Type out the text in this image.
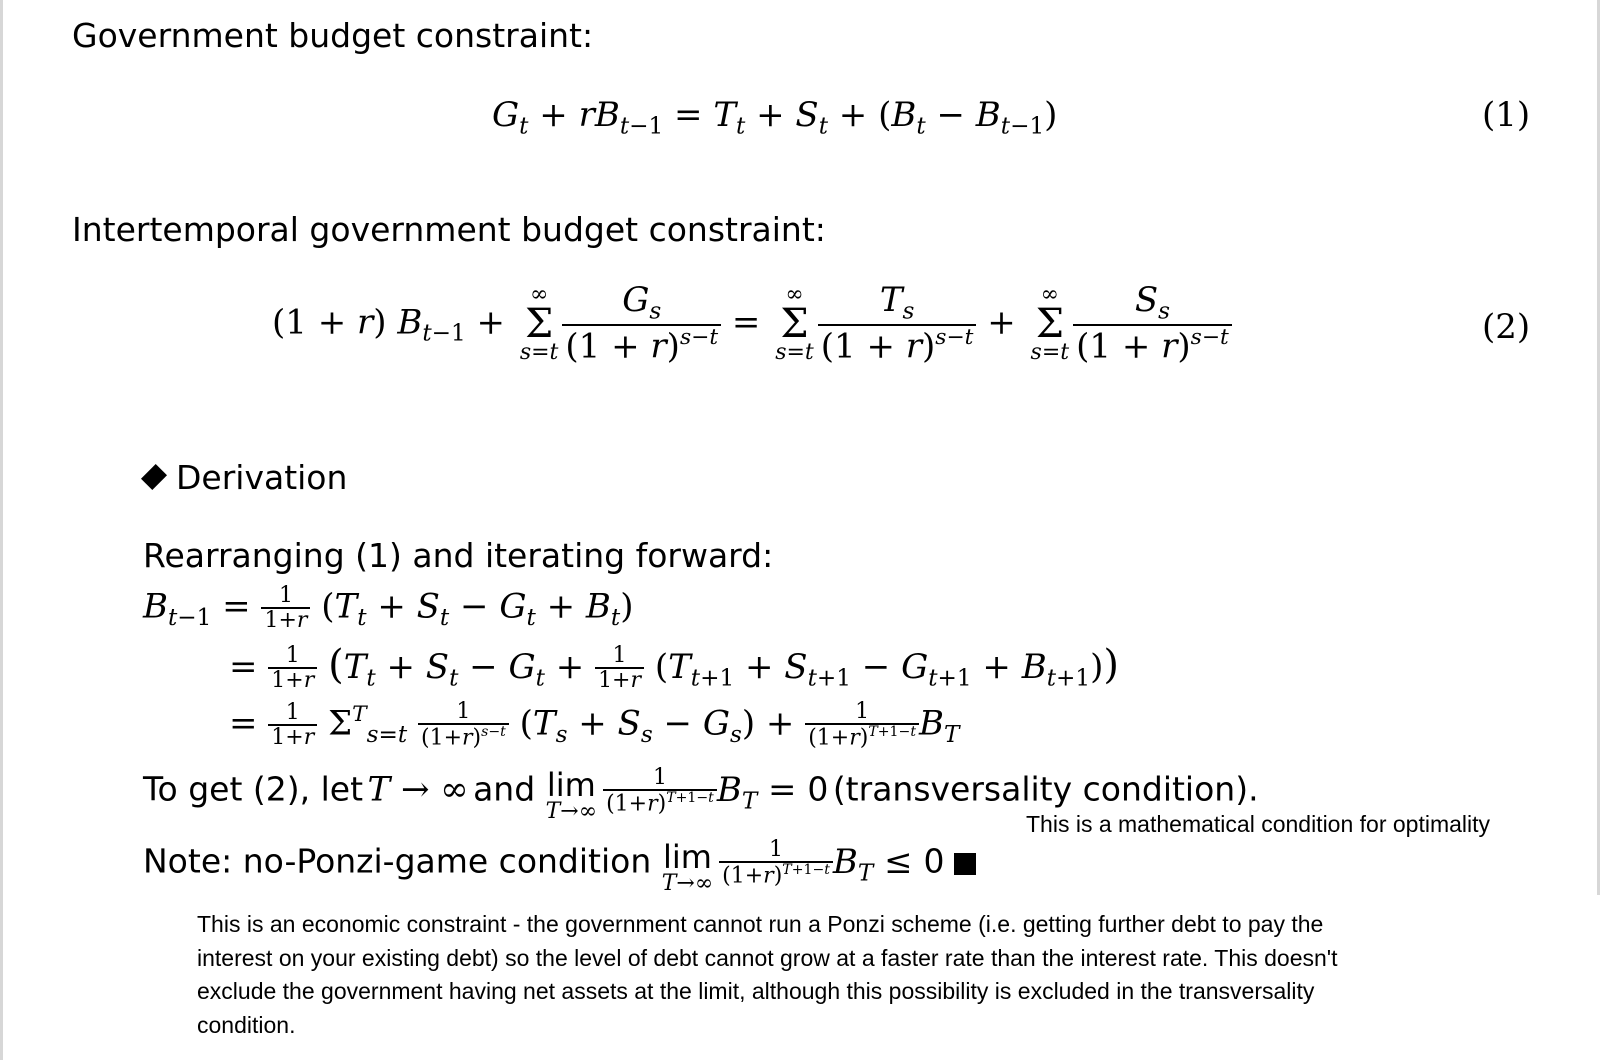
Government budget constraint:
$G_t + rB_{t-1} = T_t + S_t + (B_t - B_{t-1})$	(1)
Intertemporal government budget constraint:
(1 + r) $B_{t-1}$ +
∞
Σ
$s=t \frac{G_s}{(1 + r)^{s-t}}$ =
∞
Σ
$s=t \frac{T_s}{(1 + r)^{s-t}}$ +
∞
Σ
$s=t \frac{S_s}{(1 + r)^{s-t}}$	(2)
Derivation
Rearranging (1) and iterating forward:
$B_{t-1} = \frac{1}{1+r} (T_t + S_t - G_t + B_t)$
= $\frac{1}{1+r} (T_t + S_t - G_t + \frac{1}{1+r} (T_{t+1} + S_{t+1} - G_{t+1} + B_{t+1}))$
= $\frac{1}{1+r} \Sigma^T_{s=t} \frac{1}{(1+r)^{s-t}} (T_s + S_s - G_s) + \frac{1}{(1+r)^{T+1-t}} B_T$
To get (2), let T → ∞ and lim
$T\to\infty \frac{1}{(1+r)^{T+1-t}} B_T = 0$ (transversality condition).
This is a mathematical condition for optimality
Note: no-Ponzi-game condition lim
$T\to\infty \frac{1}{(1+r)^{T+1-t}} B_T \le 0$
This is an economic constraint - the government cannot run a Ponzi scheme (i.e. getting further debt to pay the interest on your existing debt) so the level of debt cannot grow at a faster rate than the interest rate. This doesn't exclude the government having net assets at the limit, although this possibility is excluded in the transversality condition.
